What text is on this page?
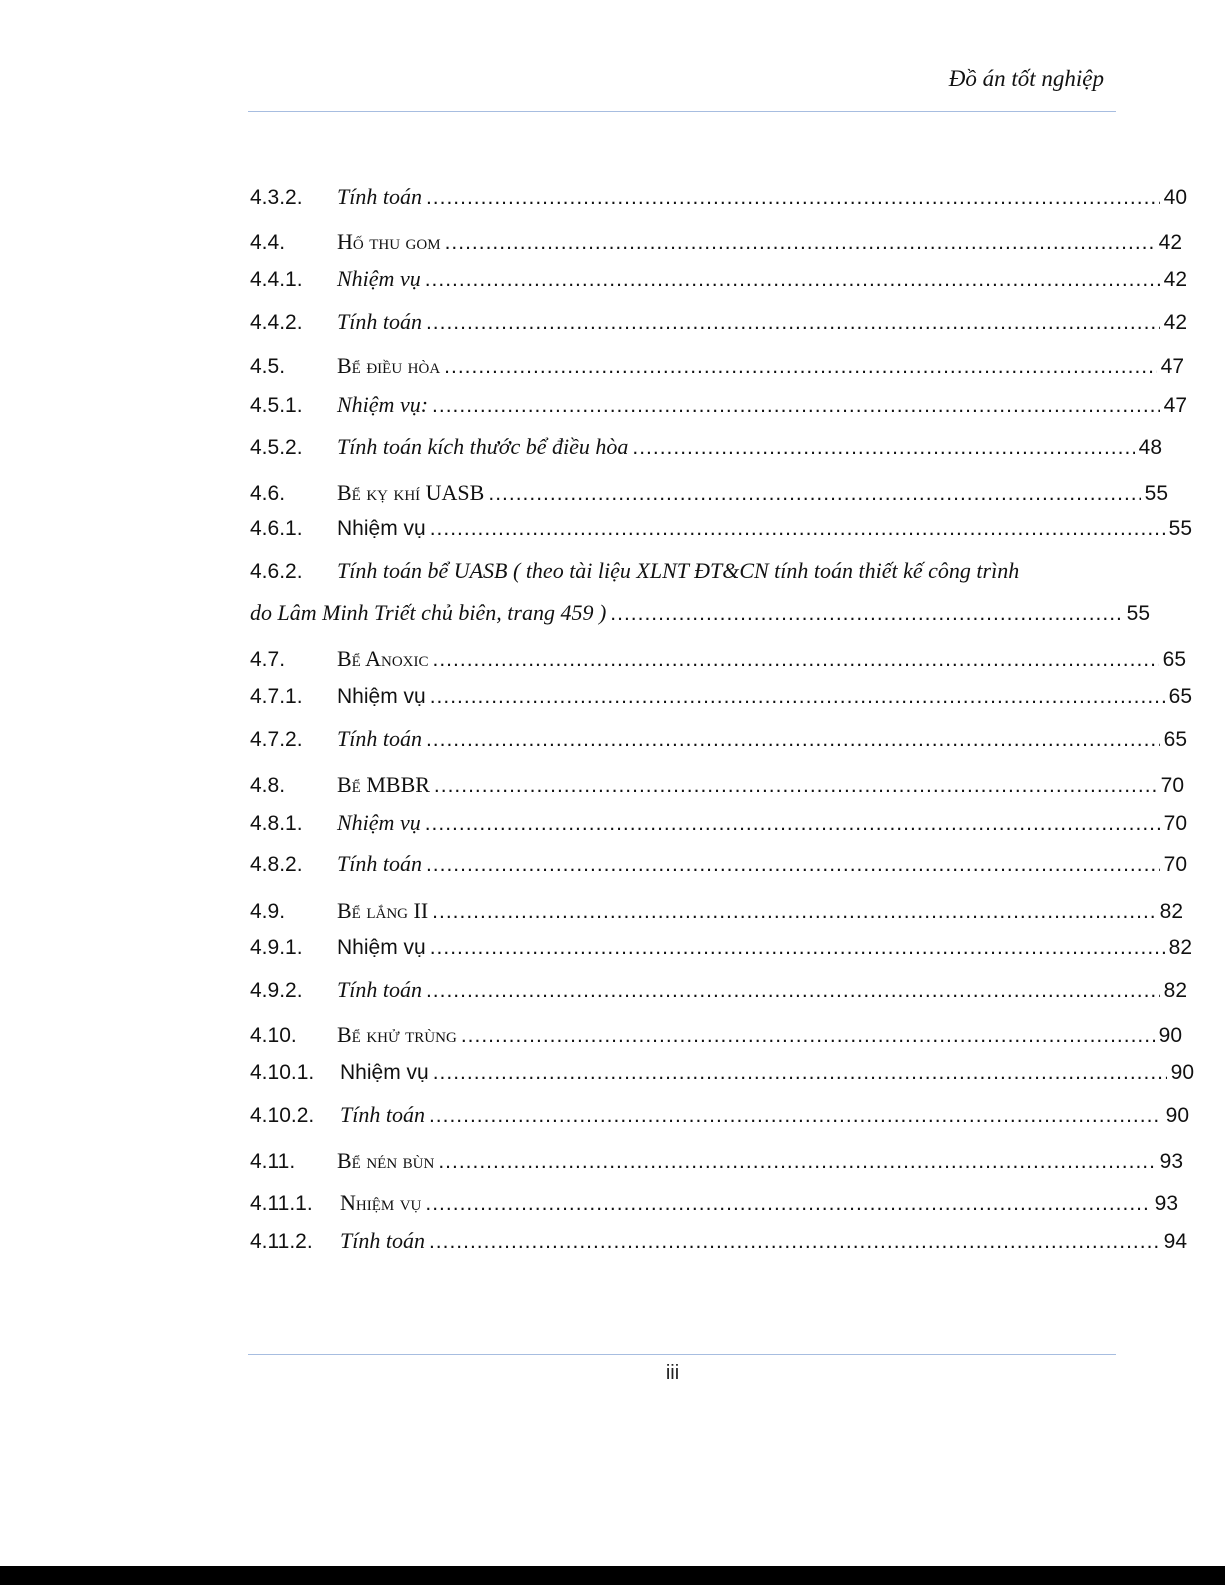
Đồ án tốt nghiệp
4.3.2.	Tính toán .....	40
4.4.	Hố thu gom .....	42
4.4.1.	Nhiệm vụ .....	42
4.4.2.	Tính toán .....	42
4.5.	Bể điều hòa .....	47
4.5.1.	Nhiệm vụ: .....	47
4.5.2.	Tính toán kích thước bể điều hòa .....	48
4.6.	Bể kỵ khí UASB .....	55
4.6.1.	Nhiệm vụ .....	55
4.6.2.	Tính toán bể UASB ( theo tài liệu XLNT ĐT&CN tính toán thiết kế công trình
do Lâm Minh Triết chủ biên, trang 459 ) .....	55
4.7.	Bể Anoxic .....	65
4.7.1.	Nhiệm vụ .....	65
4.7.2.	Tính toán .....	65
4.8.	Bể MBBR .....	70
4.8.1.	Nhiệm vụ .....	70
4.8.2.	Tính toán .....	70
4.9.	Bể lắng II .....	82
4.9.1.	Nhiệm vụ .....	82
4.9.2.	Tính toán .....	82
4.10.	Bể khử trùng .....	90
4.10.1.	Nhiệm vụ .....	90
4.10.2.	Tính toán .....	90
4.11.	Bể nén bùn .....	93
4.11.1.	Nhiệm vụ .....	93
4.11.2.	Tính toán .....	94
iii
